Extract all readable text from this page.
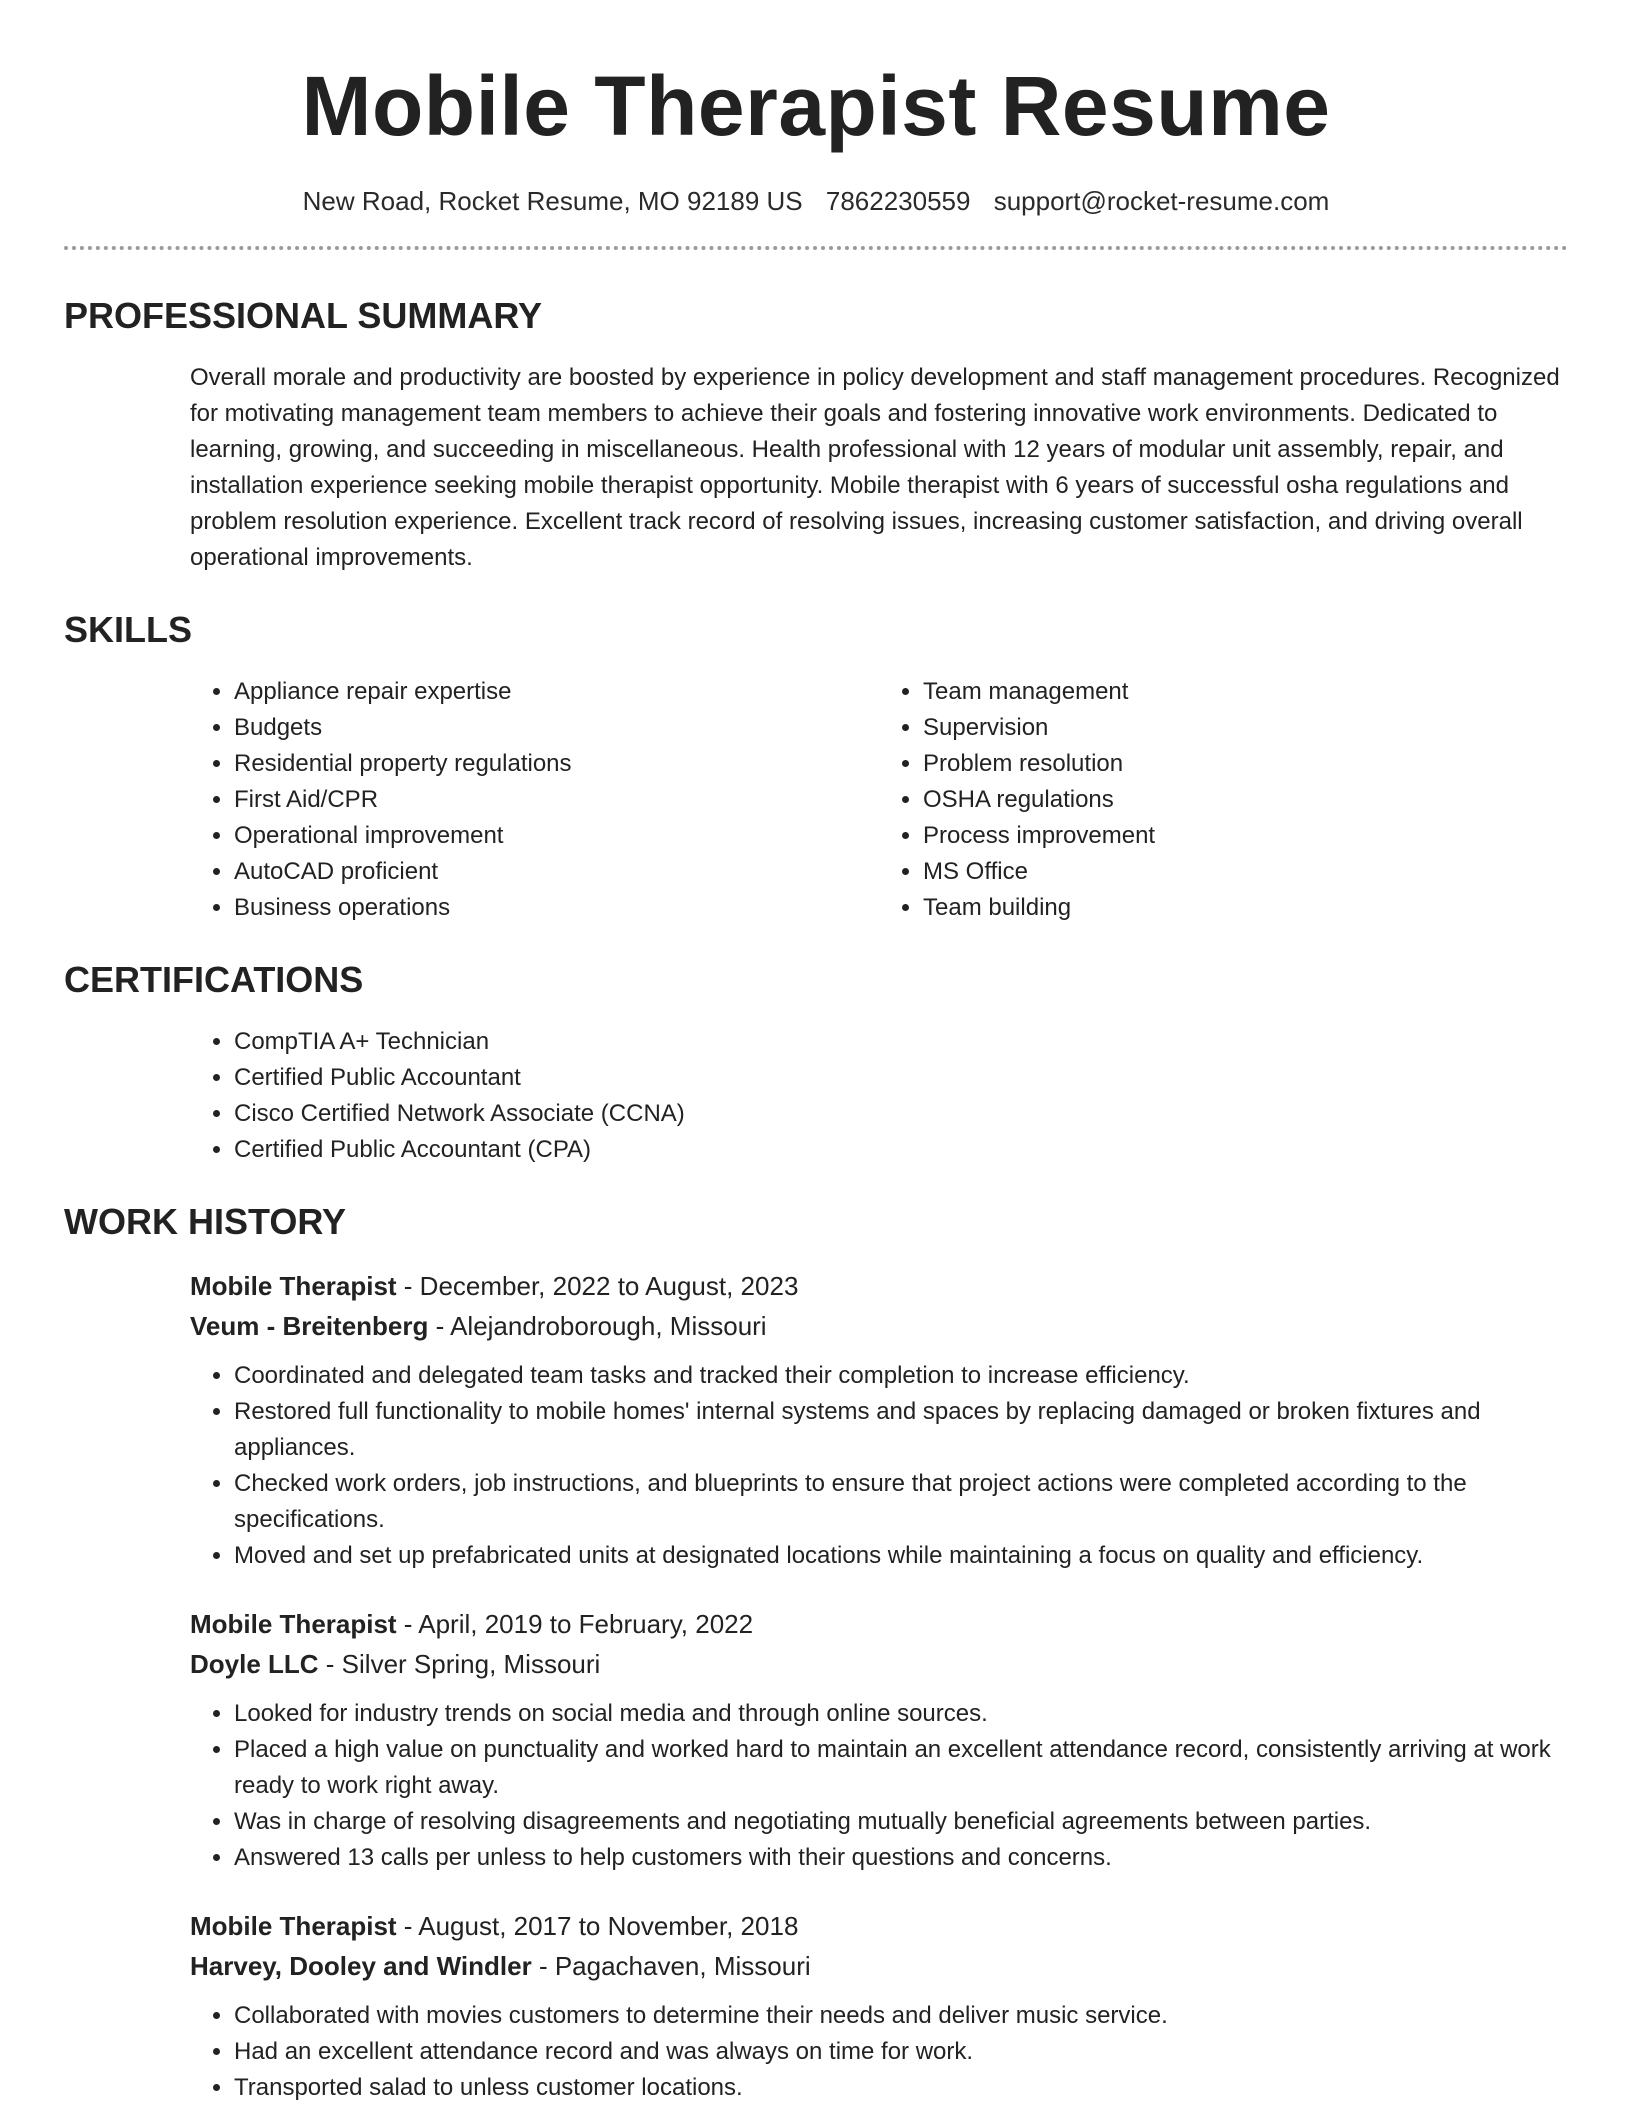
Mobile Therapist Resume
New Road, Rocket Resume, MO 92189 US 7862230559 support@rocket-resume.com
PROFESSIONAL SUMMARY

Overall morale and productivity are boosted by experience in policy development and staff management procedures. Recognized for motivating management team members to achieve their goals and fostering innovative work environments. Dedicated to learning, growing, and succeeding in miscellaneous. Health professional with 12 years of modular unit assembly, repair, and installation experience seeking mobile therapist opportunity. Mobile therapist with 6 years of successful osha regulations and problem resolution experience. Excellent track record of resolving issues, increasing customer satisfaction, and driving overall operational improvements.

SKILLS
• Appliance repair expertise
• Budgets
• Residential property regulations
• First Aid/CPR
• Operational improvement
• AutoCAD proficient
• Business operations
• Team management
• Supervision
• Problem resolution
• OSHA regulations
• Process improvement
• MS Office
• Team building
CERTIFICATIONS
• CompTIA A+ Technician
• Certified Public Accountant
• Cisco Certified Network Associate (CCNA)
• Certified Public Accountant (CPA)
WORK HISTORY
Mobile Therapist - December, 2022 to August, 2023
Veum - Breitenberg - Alejandroborough, Missouri
• Coordinated and delegated team tasks and tracked their completion to increase efficiency.
• Restored full functionality to mobile homes' internal systems and spaces by replacing damaged or broken fixtures and appliances.
• Checked work orders, job instructions, and blueprints to ensure that project actions were completed according to the specifications.
• Moved and set up prefabricated units at designated locations while maintaining a focus on quality and efficiency.
Mobile Therapist - April, 2019 to February, 2022
Doyle LLC - Silver Spring, Missouri
• Looked for industry trends on social media and through online sources.
• Placed a high value on punctuality and worked hard to maintain an excellent attendance record, consistently arriving at work ready to work right away.
• Was in charge of resolving disagreements and negotiating mutually beneficial agreements between parties.
• Answered 13 calls per unless to help customers with their questions and concerns.
Mobile Therapist - August, 2017 to November, 2018
Harvey, Dooley and Windler - Pagachaven, Missouri
• Collaborated with movies customers to determine their needs and deliver music service.
• Had an excellent attendance record and was always on time for work.
• Transported salad to unless customer locations.
